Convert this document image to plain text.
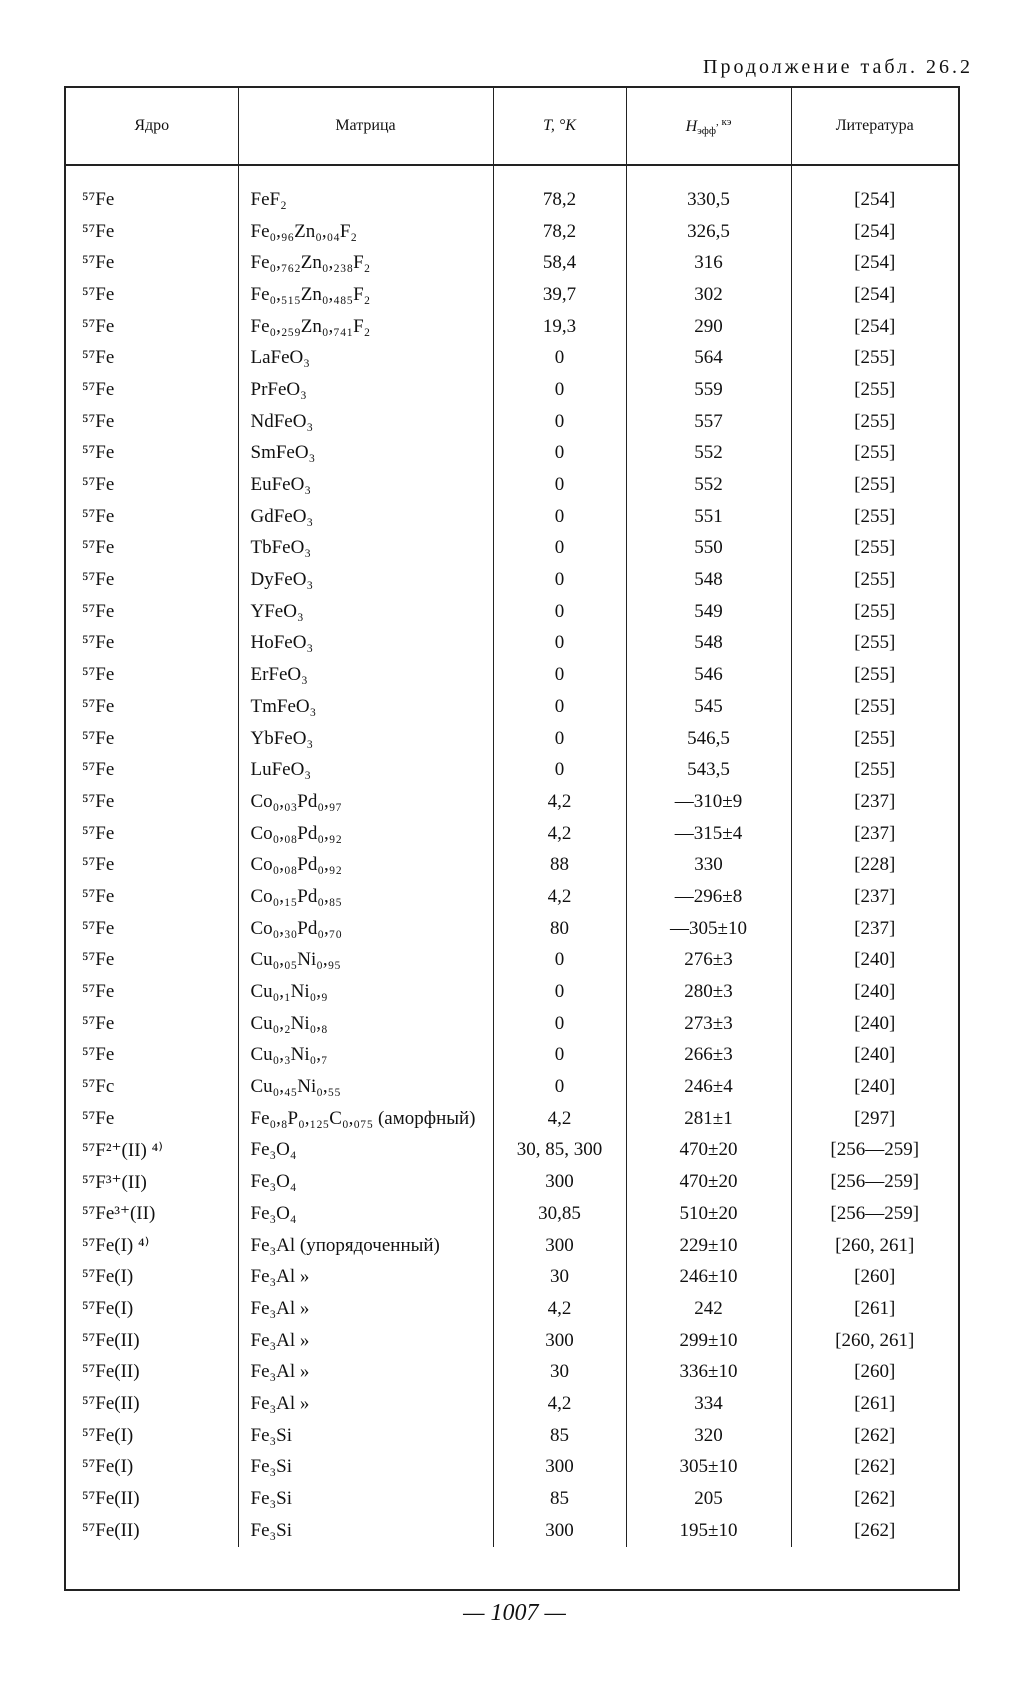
Продолжение табл. 26.2
Ядро	Матрица	T, °K	Hэфф$^{, кэ}$	Литература
⁵⁷Fe	FeF₂	78,2	330,5	[254]
⁵⁷Fe	Fe₀,₉₆Zn₀,₀₄F₂	78,2	326,5	[254]
⁵⁷Fe	Fe₀,₇₆₂Zn₀,₂₃₈F₂	58,4	316	[254]
⁵⁷Fe	Fe₀,₅₁₅Zn₀,₄₈₅F₂	39,7	302	[254]
⁵⁷Fe	Fe₀,₂₅₉Zn₀,₇₄₁F₂	19,3	290	[254]
⁵⁷Fe	LaFeO₃	0	564	[255]
⁵⁷Fe	PrFeO₃	0	559	[255]
⁵⁷Fe	NdFeO₃	0	557	[255]
⁵⁷Fe	SmFeO₃	0	552	[255]
⁵⁷Fe	EuFeO₃	0	552	[255]
⁵⁷Fe	GdFeO₃	0	551	[255]
⁵⁷Fe	TbFeO₃	0	550	[255]
⁵⁷Fe	DyFeO₃	0	548	[255]
⁵⁷Fe	YFeO₃	0	549	[255]
⁵⁷Fe	HoFeO₃	0	548	[255]
⁵⁷Fe	ErFeO₃	0	546	[255]
⁵⁷Fe	TmFeO₃	0	545	[255]
⁵⁷Fe	YbFeO₃	0	546,5	[255]
⁵⁷Fe	LuFeO₃	0	543,5	[255]
⁵⁷Fe	Co₀,₀₃Pd₀,₉₇	4,2	—310±9	[237]
⁵⁷Fe	Co₀,₀₈Pd₀,₉₂	4,2	—315±4	[237]
⁵⁷Fe	Co₀,₀₈Pd₀,₉₂	88	330	[228]
⁵⁷Fe	Co₀,₁₅Pd₀,₈₅	4,2	—296±8	[237]
⁵⁷Fe	Co₀,₃₀Pd₀,₇₀	80	—305±10	[237]
⁵⁷Fe	Cu₀,₀₅Ni₀,₉₅	0	276±3	[240]
⁵⁷Fe	Cu₀,₁Ni₀,₉	0	280±3	[240]
⁵⁷Fe	Cu₀,₂Ni₀,₈	0	273±3	[240]
⁵⁷Fe	Cu₀,₃Ni₀,₇	0	266±3	[240]
⁵⁷Fc	Cu₀,₄₅Ni₀,₅₅	0	246±4	[240]
⁵⁷Fe	Fe₀,₈P₀,₁₂₅C₀,₀₇₅ (аморфный)	4,2	281±1	[297]
⁵⁷F²⁺(II) ⁴⁾	Fe₃O₄	30, 85, 300	470±20	[256—259]
⁵⁷F³⁺(II)	Fe₃O₄	300	470±20	[256—259]
⁵⁷Fe³⁺(II)	Fe₃O₄	30,85	510±20	[256—259]
⁵⁷Fe(I) ⁴⁾	Fe₃Al (упорядоченный)	300	229±10	[260, 261]
⁵⁷Fe(I)	Fe₃Al »	30	246±10	[260]
⁵⁷Fe(I)	Fe₃Al »	4,2	242	[261]
⁵⁷Fe(II)	Fe₃Al »	300	299±10	[260, 261]
⁵⁷Fe(II)	Fe₃Al »	30	336±10	[260]
⁵⁷Fe(II)	Fe₃Al »	4,2	334	[261]
⁵⁷Fe(I)	Fe₃Si	85	320	[262]
⁵⁷Fe(I)	Fe₃Si	300	305±10	[262]
⁵⁷Fe(II)	Fe₃Si	85	205	[262]
⁵⁷Fe(II)	Fe₃Si	300	195±10	[262]
— 1007 —
